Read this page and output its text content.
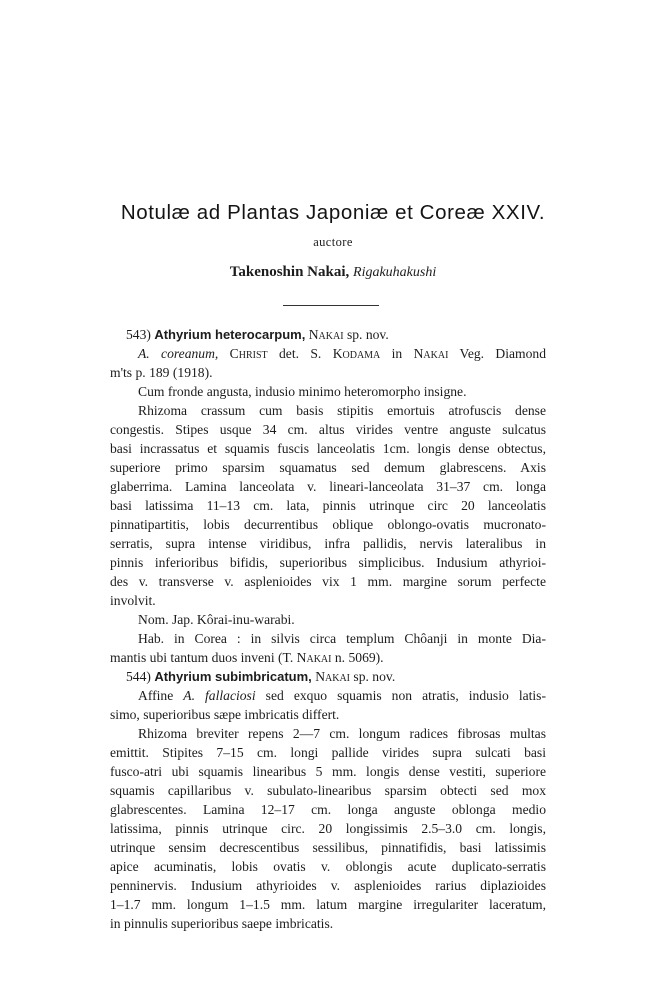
Notulæ ad Plantas Japoniæ et Coreæ XXIV.
auctore
Takenoshin Nakai, Rigakuhakushi
543) Athyrium heterocarpum, Nakai sp. nov.
A. coreanum, Christ det. S. Kodama in Nakai Veg. Diamond
m'ts p. 189 (1918).
Cum fronde angusta, indusio minimo heteromorpho insigne.
Rhizoma crassum cum basis stipitis emortuis atrofuscis dense
congestis. Stipes usque 34 cm. altus virides ventre anguste sulcatus
basi incrassatus et squamis fuscis lanceolatis 1cm. longis dense obtectus,
superiore primo sparsim squamatus sed demum glabrescens. Axis
glaberrima. Lamina lanceolata v. lineari-lanceolata 31–37 cm. longa
basi latissima 11–13 cm. lata, pinnis utrinque circ 20 lanceolatis
pinnatipartitis, lobis decurrentibus oblique oblongo-ovatis mucronato-
serratis, supra intense viridibus, infra pallidis, nervis lateralibus in
pinnis inferioribus bifidis, superioribus simplicibus. Indusium athyrioi-
des v. transverse v. asplenioides vix 1 mm. margine sorum perfecte
involvit.
Nom. Jap. Kôrai-inu-warabi.
Hab. in Corea : in silvis circa templum Chôanji in monte Dia-
mantis ubi tantum duos inveni (T. Nakai n. 5069).
544) Athyrium subimbricatum, Nakai sp. nov.
Affine A. fallaciosi sed exquo squamis non atratis, indusio latis-
simo, superioribus sæpe imbricatis differt.
Rhizoma breviter repens 2—7 cm. longum radices fibrosas multas
emittit. Stipites 7–15 cm. longi pallide virides supra sulcati basi
fusco-atri ubi squamis linearibus 5 mm. longis dense vestiti, superiore
squamis capillaribus v. subulato-linearibus sparsim obtecti sed mox
glabrescentes. Lamina 12–17 cm. longa anguste oblonga medio
latissima, pinnis utrinque circ. 20 longissimis 2.5–3.0 cm. longis,
utrinque sensim decrescentibus sessilibus, pinnatifidis, basi latissimis
apice acuminatis, lobis ovatis v. oblongis acute duplicato-serratis
penninervis. Indusium athyrioides v. asplenioides rarius diplazioides
1–1.7 mm. longum 1–1.5 mm. latum margine irregulariter laceratum,
in pinnulis superioribus saepe imbricatis.
